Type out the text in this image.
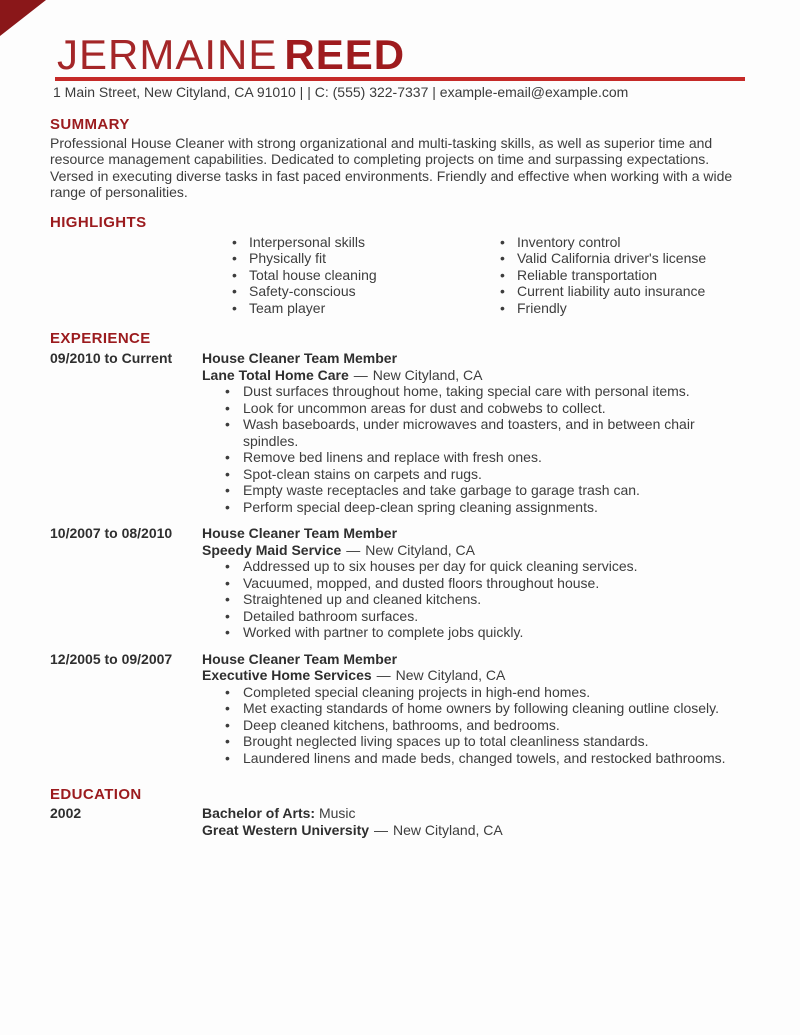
JERMAINE REED
1 Main Street, New Cityland, CA 91010 | | C: (555) 322-7337 | example-email@example.com
SUMMARY

Professional House Cleaner with strong organizational and multi-tasking skills, as well as superior time and resource management capabilities. Dedicated to completing projects on time and surpassing expectations. Versed in executing diverse tasks in fast paced environments. Friendly and effective when working with a wide range of personalities.

HIGHLIGHTS
• Interpersonal skills
• Physically fit
• Total house cleaning
• Safety-conscious
• Team player
• Inventory control
• Valid California driver's license
• Reliable transportation
• Current liability auto insurance
• Friendly
EXPERIENCE
09/2010 to Current	House Cleaner Team Member
Lane Total Home Care — New Cityland, CA
• Dust surfaces throughout home, taking special care with personal items.
• Look for uncommon areas for dust and cobwebs to collect.
• Wash baseboards, under microwaves and toasters, and in between chair spindles.
• Remove bed linens and replace with fresh ones.
• Spot-clean stains on carpets and rugs.
• Empty waste receptacles and take garbage to garage trash can.
• Perform special deep-clean spring cleaning assignments.
10/2007 to 08/2010	House Cleaner Team Member
Speedy Maid Service — New Cityland, CA
• Addressed up to six houses per day for quick cleaning services.
• Vacuumed, mopped, and dusted floors throughout house.
• Straightened up and cleaned kitchens.
• Detailed bathroom surfaces.
• Worked with partner to complete jobs quickly.
12/2005 to 09/2007	House Cleaner Team Member
Executive Home Services — New Cityland, CA
• Completed special cleaning projects in high-end homes.
• Met exacting standards of home owners by following cleaning outline closely.
• Deep cleaned kitchens, bathrooms, and bedrooms.
• Brought neglected living spaces up to total cleanliness standards.
• Laundered linens and made beds, changed towels, and restocked bathrooms.
EDUCATION
2002	Bachelor of Arts: Music
Great Western University — New Cityland, CA
